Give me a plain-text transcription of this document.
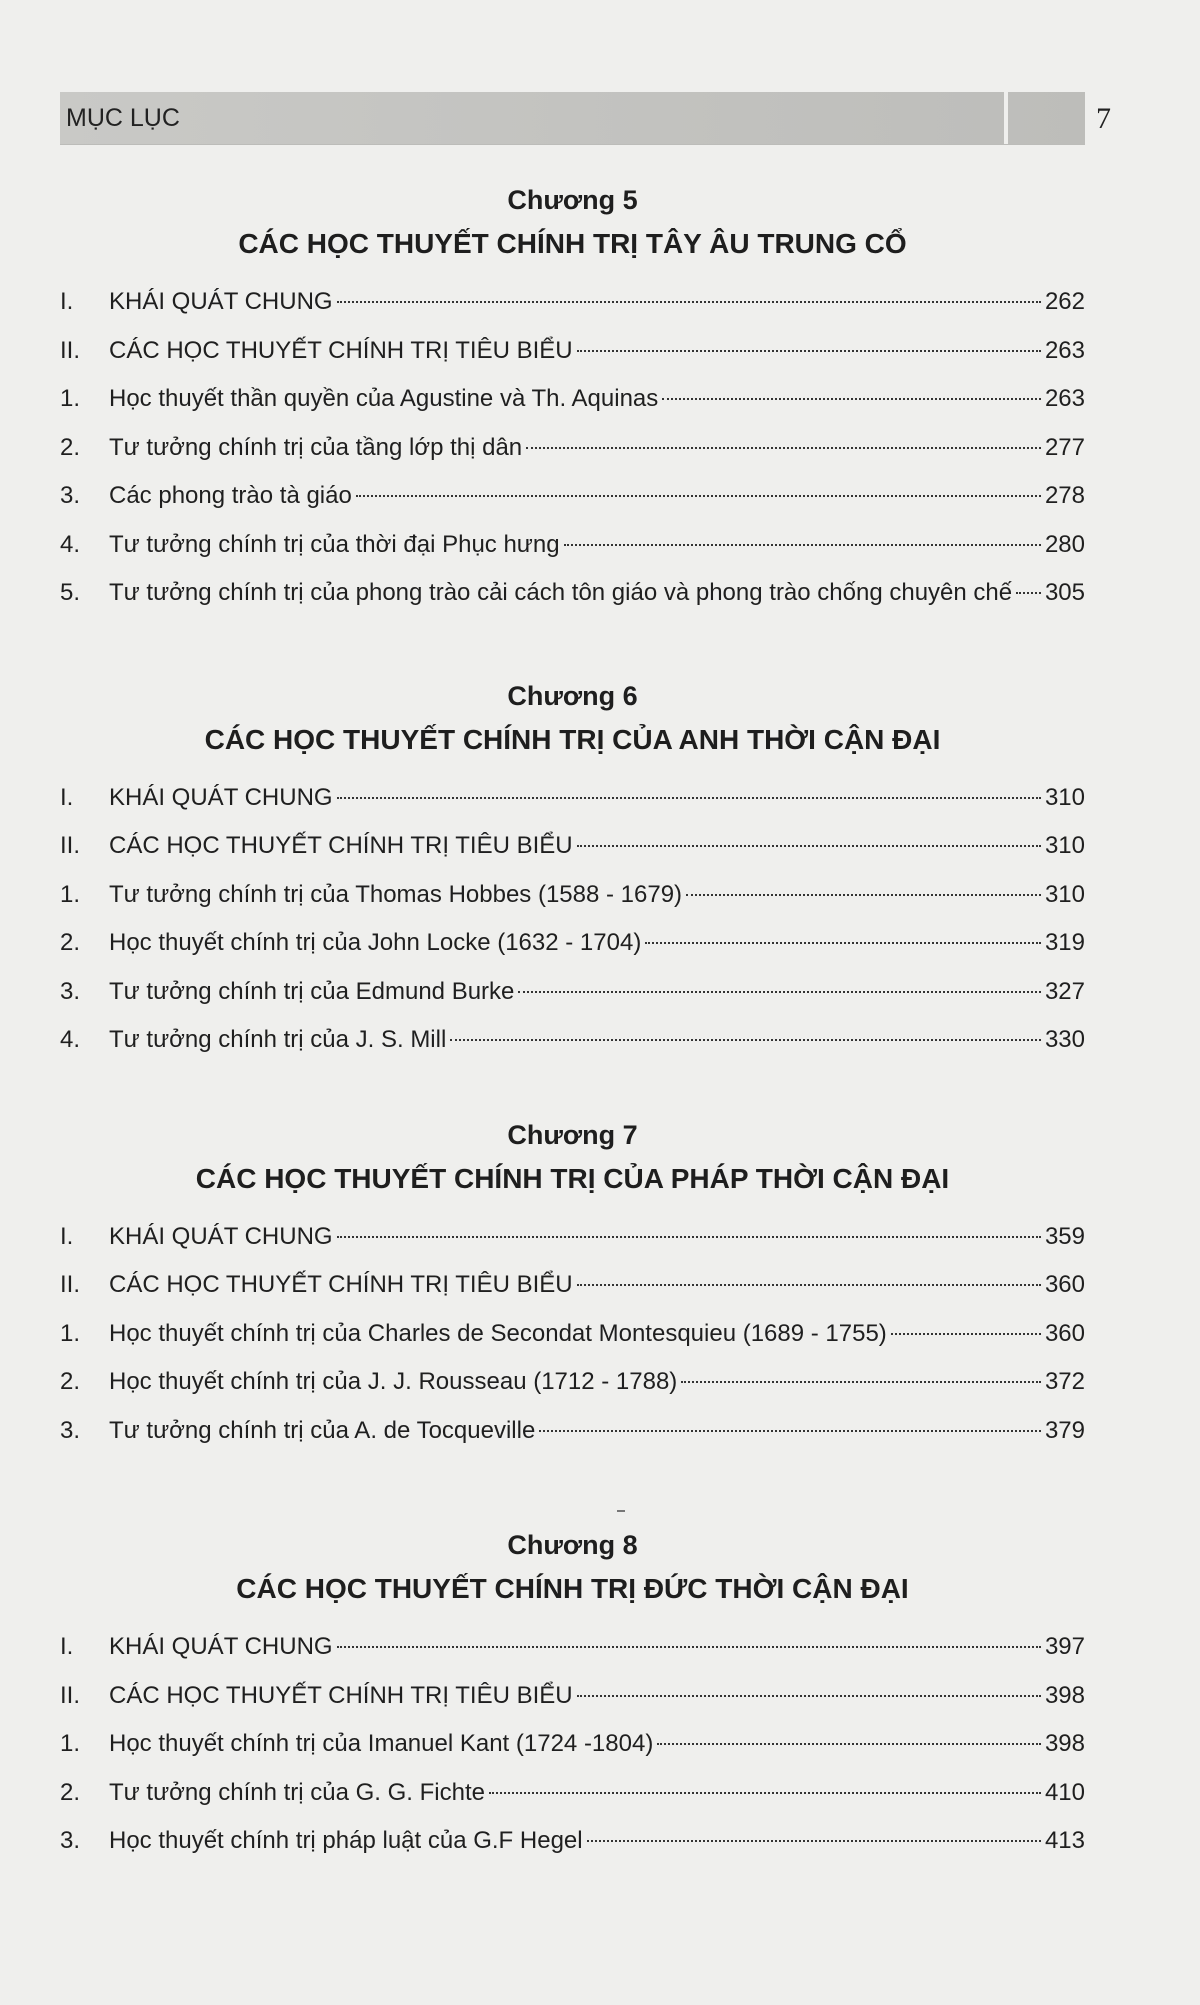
MỤC LỤC	7
Chương 5
CÁC HỌC THUYẾT CHÍNH TRỊ TÂY ÂU TRUNG CỔ
I.	KHÁI QUÁT CHUNG	262
II.	CÁC HỌC THUYẾT CHÍNH TRỊ TIÊU BIỂU	263
1.	Học thuyết thần quyền của Agustine và Th. Aquinas	263
2.	Tư tưởng chính trị của tầng lớp thị dân	277
3.	Các phong trào tà giáo	278
4.	Tư tưởng chính trị của thời đại Phục hưng	280
5.	Tư tưởng chính trị của phong trào cải cách tôn giáo và phong trào chống chuyên chế 305
Chương 6
CÁC HỌC THUYẾT CHÍNH TRỊ CỦA ANH THỜI CẬN ĐẠI
I.	KHÁI QUÁT CHUNG	310
II.	CÁC HỌC THUYẾT CHÍNH TRỊ TIÊU BIỂU	310
1.	Tư tưởng chính trị của Thomas Hobbes (1588 - 1679)	310
2.	Học thuyết chính trị của John Locke (1632 - 1704)	319
3.	Tư tưởng chính trị của Edmund Burke	327
4.	Tư tưởng chính trị của J. S. Mill	330
Chương 7
CÁC HỌC THUYẾT CHÍNH TRỊ CỦA PHÁP THỜI CẬN ĐẠI
I.	KHÁI QUÁT CHUNG	359
II.	CÁC HỌC THUYẾT CHÍNH TRỊ TIÊU BIỂU	360
1.	Học thuyết chính trị của Charles de Secondat Montesquieu (1689 - 1755)	360
2.	Học thuyết chính trị của J. J. Rousseau (1712 - 1788)	372
3.	Tư tưởng chính trị của A. de Tocqueville	379
Chương 8
CÁC HỌC THUYẾT CHÍNH TRỊ ĐỨC THỜI CẬN ĐẠI
I.	KHÁI QUÁT CHUNG	397
II.	CÁC HỌC THUYẾT CHÍNH TRỊ TIÊU BIỂU	398
1.	Học thuyết chính trị của Imanuel Kant (1724 -1804)	398
2.	Tư tưởng chính trị của G. G. Fichte	410
3.	Học thuyết chính trị pháp luật của G.F Hegel	413
